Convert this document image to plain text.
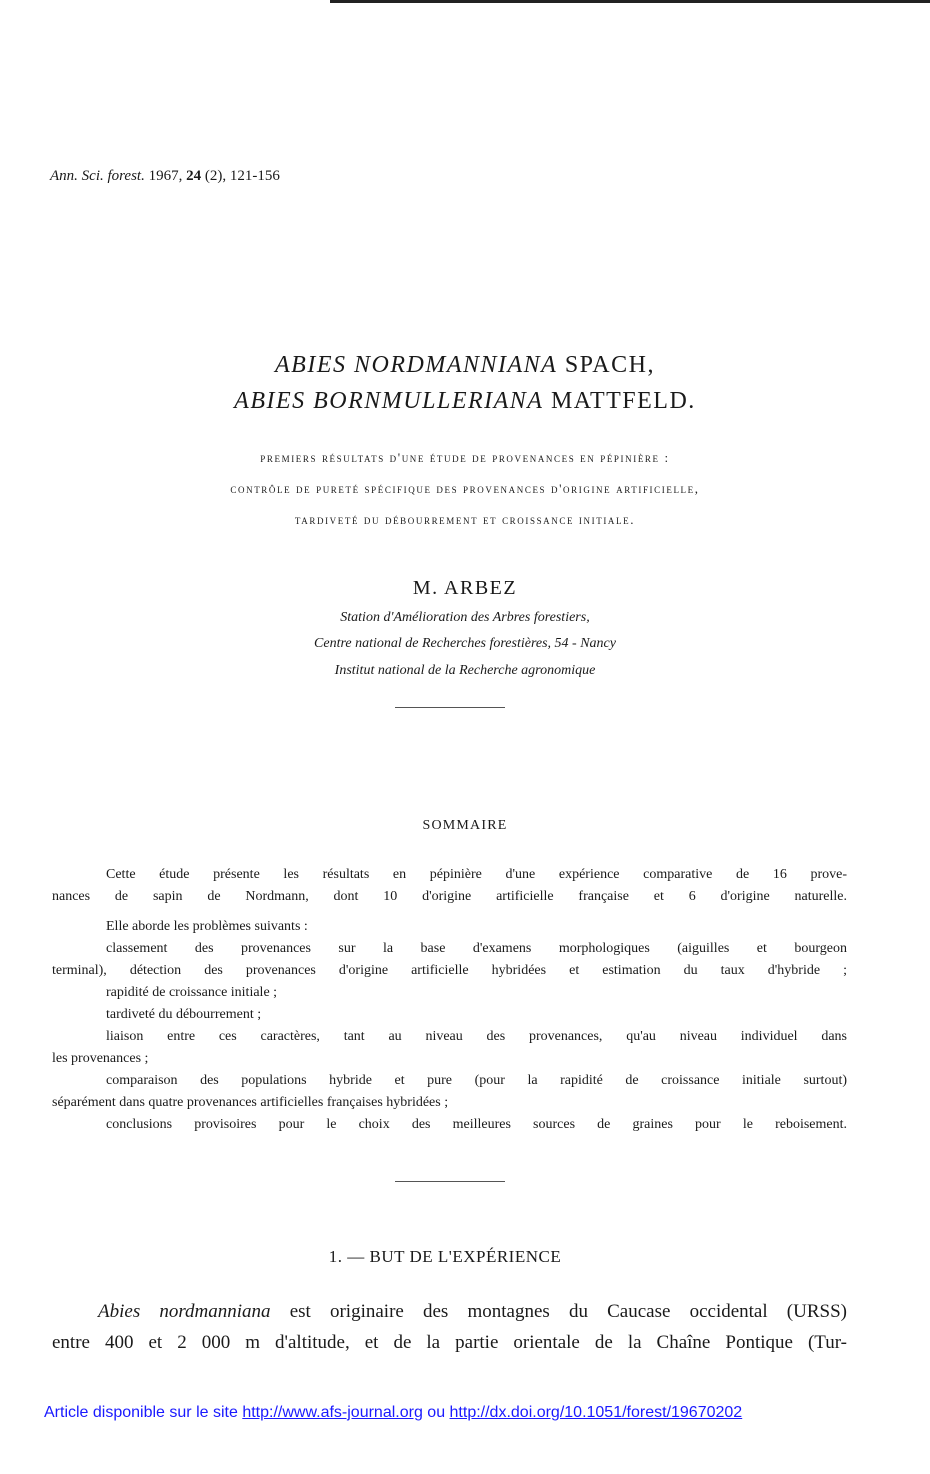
Ann. Sci. forest. 1967, 24 (2), 121-156
ABIES NORDMANNIANA SPACH,
ABIES BORNMULLERIANA MATTFELD.
premiers résultats d'une étude de provenances en pépinière :
contrôle de pureté spécifique des provenances d'origine artificielle,
tardiveté du débourrement et croissance initiale.
M. ARBEZ
Station d'Amélioration des Arbres forestiers,
Centre national de Recherches forestières, 54 - Nancy
Institut national de la Recherche agronomique
SOMMAIRE
Cette étude présente les résultats en pépinière d'une expérience comparative de 16 prove-
nances de sapin de Nordmann, dont 10 d'origine artificielle française et 6 d'origine naturelle.
Elle aborde les problèmes suivants :
classement des provenances sur la base d'examens morphologiques (aiguilles et bourgeon
terminal), détection des provenances d'origine artificielle hybridées et estimation du taux d'hybride ;
rapidité de croissance initiale ;
tardiveté du débourrement ;
liaison entre ces caractères, tant au niveau des provenances, qu'au niveau individuel dans
les provenances ;
comparaison des populations hybride et pure (pour la rapidité de croissance initiale surtout)
séparément dans quatre provenances artificielles françaises hybridées ;
conclusions provisoires pour le choix des meilleures sources de graines pour le reboisement.
1. — BUT DE L'EXPÉRIENCE
Abies nordmanniana est originaire des montagnes du Caucase occidental (URSS)
entre 400 et 2 000 m d'altitude, et de la partie orientale de la Chaîne Pontique (Tur-
Article disponible sur le site http://www.afs-journal.org ou http://dx.doi.org/10.1051/forest/19670202
